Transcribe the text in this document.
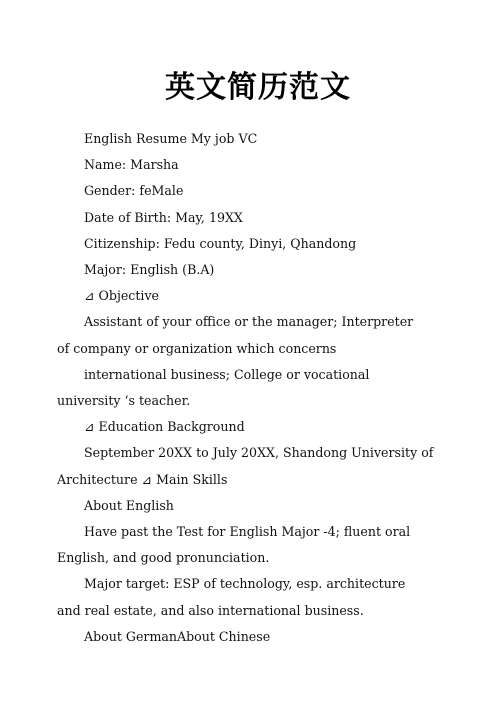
英文简历范文
English Resume My job VC
Name: Marsha
Gender: feMale
Date of Birth: May, 19XX
Citizenship: Fedu county, Dinyi, Qhandong
Major: English (B.A)
⊿ Objective
Assistant of your office or the manager; Interpreter
of company or organization which concerns
international business; College or vocational
university ‘s teacher.
⊿ Education Background
September 20XX to July 20XX, Shandong University of
Architecture ⊿ Main Skills
About English
Have past the Test for English Major -4; fluent oral
English, and good pronunciation.
Major target: ESP of technology, esp. architecture
and real estate, and also international business.
About GermanAbout Chinese
